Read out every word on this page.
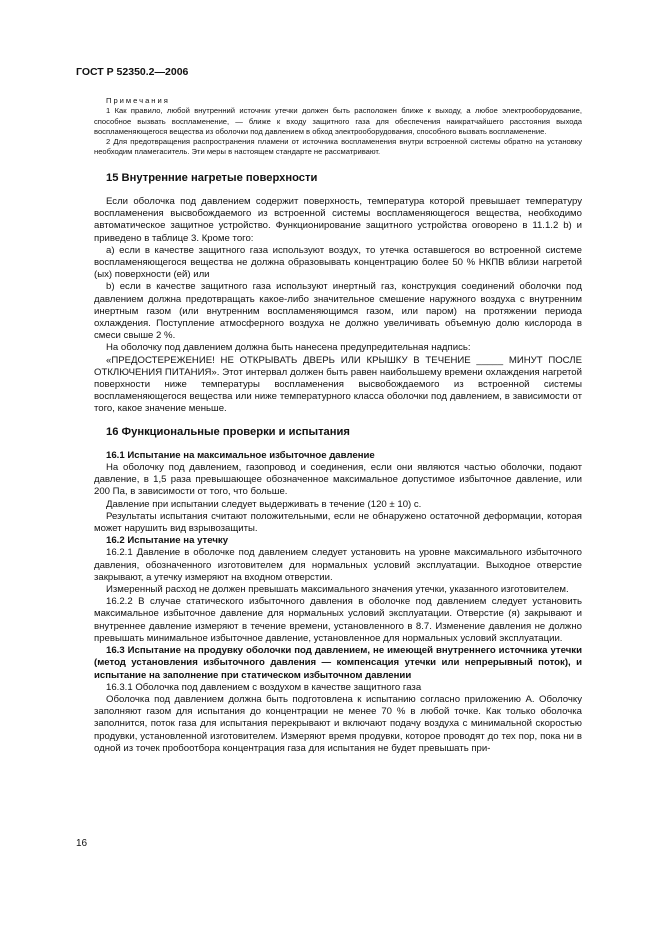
ГОСТ Р 52350.2—2006

Примечания

1 Как правило, любой внутренний источник утечки должен быть расположен ближе к выходу, а любое электрооборудование, способное вызвать воспламенение, — ближе к входу защитного газа для обеспечения наикратчайшего расстояния выхода воспламеняющегося вещества из оболочки под давлением в обход электрооборудования, способного вызвать воспламенение.

2 Для предотвращения распространения пламени от источника воспламенения внутри встроенной системы обратно на установку необходим пламегаситель. Эти меры в настоящем стандарте не рассматривают.

15 Внутренние нагретые поверхности

Если оболочка под давлением содержит поверхность, температура которой превышает температуру воспламенения высвобождаемого из встроенной системы воспламеняющегося вещества, необходимо автоматическое защитное устройство. Функционирование защитного устройства оговорено в 11.1.2 b) и приведено в таблице 3. Кроме того:

a) если в качестве защитного газа используют воздух, то утечка оставшегося во встроенной системе воспламеняющегося вещества не должна образовывать концентрацию более 50 % НКПВ вблизи нагретой (ых) поверхности (ей) или

b) если в качестве защитного газа используют инертный газ, конструкция соединений оболочки под давлением должна предотвращать какое-либо значительное смешение наружного воздуха с внутренним инертным газом (или внутренним воспламеняющимся газом, или паром) на протяжении периода охлаждения. Поступление атмосферного воздуха не должно увеличивать объемную долю кислорода в смеси свыше 2 %.

На оболочку под давлением должна быть нанесена предупредительная надпись:

«ПРЕДОСТЕРЕЖЕНИЕ! НЕ ОТКРЫВАТЬ ДВЕРЬ ИЛИ КРЫШКУ В ТЕЧЕНИЕ _____ МИНУТ ПОСЛЕ ОТКЛЮЧЕНИЯ ПИТАНИЯ». Этот интервал должен быть равен наибольшему времени охлаждения нагретой поверхности ниже температуры воспламенения высвобождаемого из встроенной системы воспламеняющегося вещества или ниже температурного класса оболочки под давлением, в зависимости от того, какое значение меньше.

16 Функциональные проверки и испытания

16.1 Испытание на максимальное избыточное давление

На оболочку под давлением, газопровод и соединения, если они являются частью оболочки, подают давление, в 1,5 раза превышающее обозначенное максимальное допустимое избыточное давление, или 200 Па, в зависимости от того, что больше.

Давление при испытании следует выдерживать в течение (120 ± 10) с.

Результаты испытания считают положительными, если не обнаружено остаточной деформации, которая может нарушить вид взрывозащиты.

16.2 Испытание на утечку

16.2.1 Давление в оболочке под давлением следует установить на уровне максимального избыточного давления, обозначенного изготовителем для нормальных условий эксплуатации. Выходное отверстие закрывают, а утечку измеряют на входном отверстии.

Измеренный расход не должен превышать максимального значения утечки, указанного изготовителем.

16.2.2 В случае статического избыточного давления в оболочке под давлением следует установить максимальное избыточное давление для нормальных условий эксплуатации. Отверстие (я) закрывают и внутреннее давление измеряют в течение времени, установленного в 8.7. Изменение давления не должно превышать минимальное избыточное давление, установленное для нормальных условий эксплуатации.

16.3 Испытание на продувку оболочки под давлением, не имеющей внутреннего источника утечки (метод установления избыточного давления — компенсация утечки или непрерывный поток), и испытание на заполнение при статическом избыточном давлении

16.3.1 Оболочка под давлением с воздухом в качестве защитного газа

Оболочка под давлением должна быть подготовлена к испытанию согласно приложению А. Оболочку заполняют газом для испытания до концентрации не менее 70 % в любой точке. Как только оболочка заполнится, поток газа для испытания перекрывают и включают подачу воздуха с минимальной скоростью продувки, установленной изготовителем. Измеряют время продувки, которое проводят до тех пор, пока ни в одной из точек пробоотбора концентрация газа для испытания не будет превышать при-

16
